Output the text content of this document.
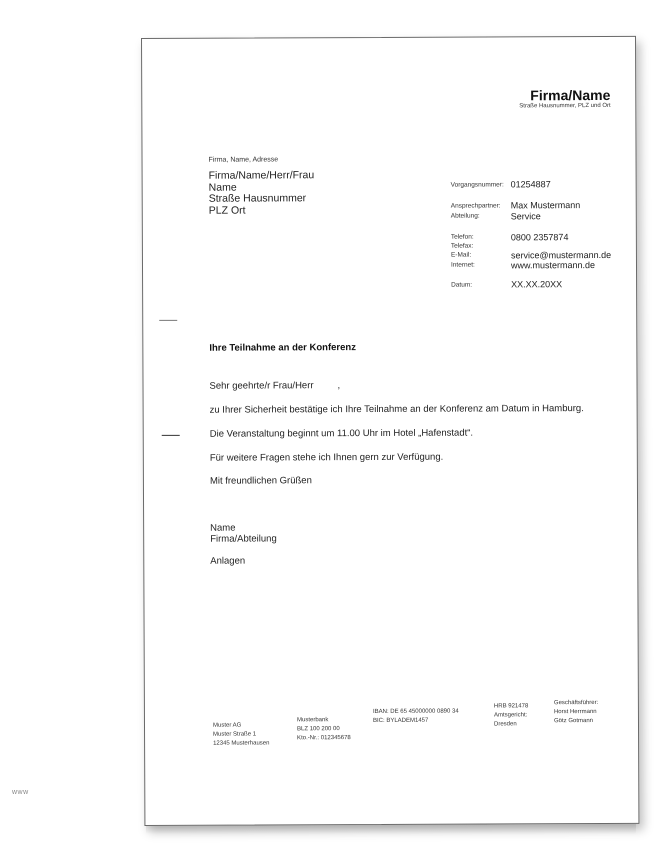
Firma/Name
Straße Hausnummer, PLZ und Ort
Firma, Name, Adresse
Firma/Name/Herr/Frau
Name
Straße Hausnummer
PLZ Ort
Vorgangsnummer: 01254887
Ansprechpartner: Max Mustermann
Abteilung:	Service
Telefon:	0800 2357874
Telefax:
E-Mail:	service@mustermann.de
Internet:	www.mustermann.de
Datum:	XX.XX.20XX
Ihre Teilnahme an der Konferenz
Sehr geehrte/r Frau/Herr	,
zu Ihrer Sicherheit bestätige ich Ihre Teilnahme an der Konferenz am Datum in Hamburg.
Die Veranstaltung beginnt um 11.00 Uhr im Hotel „Hafenstadt“.
Für weitere Fragen stehe ich Ihnen gern zur Verfügung.
Mit freundlichen Grüßen
Name
Firma/Abteilung
Anlagen
Muster AG
Muster Straße 1
12345 Musterhausen
Musterbank
BLZ 100 200 00
Kto.-Nr.: 012345678
IBAN: DE 65 45000000 0890 34
BIC: BYLADEM1457
HRB 921478
Amtsgericht:
Dresden
Geschäftsführer:
Horst Herrmann
Götz Gotmann
www
